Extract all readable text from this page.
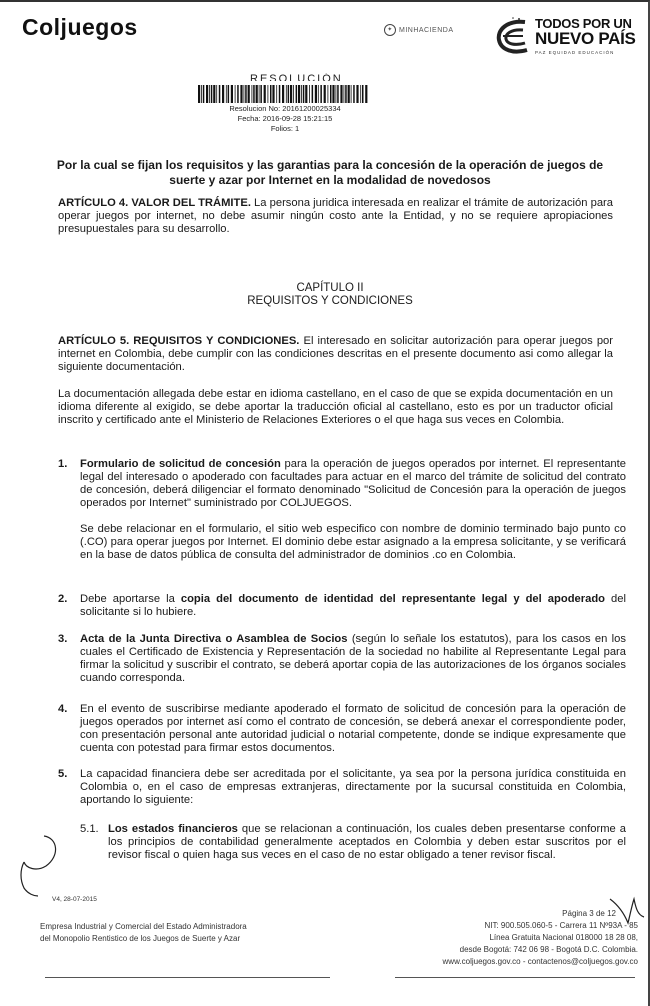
Coljuegos	✦ MINHACIENDA	TODOS POR UN
NUEVO PAÍS
PAZ EQUIDAD EDUCACIÓN
RESOLUCIÓN
Resolucion No: 20161200025334
Fecha: 2016-09-28 15:21:15
Folios: 1
Por la cual se fijan los requisitos y las garantias para la concesión de la operación de juegos de suerte y azar por Internet en la modalidad de novedosos
ARTÍCULO 4. VALOR DEL TRÁMITE. La persona juridica interesada en realizar el trámite de autorización para operar juegos por internet, no debe asumir ningún costo ante la Entidad, y no se requiere apropiaciones presupuestales para su desarrollo.
CAPÍTULO II
REQUISITOS Y CONDICIONES
ARTÍCULO 5. REQUISITOS Y CONDICIONES. El interesado en solicitar autorización para operar juegos por internet en Colombia, debe cumplir con las condiciones descritas en el presente documento asi como allegar la siguiente documentación.
La documentación allegada debe estar en idioma castellano, en el caso de que se expida documentación en un idioma diferente al exigido, se debe aportar la traducción oficial al castellano, esto es por un traductor oficial inscrito y certificado ante el Ministerio de Relaciones Exteriores o el que haga sus veces en Colombia.
1.	Formulario de solicitud de concesión para la operación de juegos operados por internet. El representante legal del interesado o apoderado con facultades para actuar en el marco del trámite de solicitud del contrato de concesión, deberá diligenciar el formato denominado "Solicitud de Concesión para la operación de juegos operados por Internet" suministrado por COLJUEGOS.
Se debe relacionar en el formulario, el sitio web especifico con nombre de dominio terminado bajo punto co (.CO) para operar juegos por Internet. El dominio debe estar asignado a la empresa solicitante, y se verificará en la base de datos pública de consulta del administrador de dominios .co en Colombia.
2.	Debe aportarse la copia del documento de identidad del representante legal y del apoderado del solicitante si lo hubiere.
3.	Acta de la Junta Directiva o Asamblea de Socios (según lo señale los estatutos), para los casos en los cuales el Certificado de Existencia y Representación de la sociedad no habilite al Representante Legal para firmar la solicitud y suscribir el contrato, se deberá aportar copia de las autorizaciones de los órganos sociales cuando corresponda.
4.	En el evento de suscribirse mediante apoderado el formato de solicitud de concesión para la operación de juegos operados por internet así como el contrato de concesión, se deberá anexar el correspondiente poder, con presentación personal ante autoridad judicial o notarial competente, donde se indique expresamente que cuenta con potestad para firmar estos documentos.
5.	La capacidad financiera debe ser acreditada por el solicitante, ya sea por la persona jurídica constituida en Colombia o, en el caso de empresas extranjeras, directamente por la sucursal constituida en Colombia, aportando lo siguiente:
5.1. Los estados financieros que se relacionan a continuación, los cuales deben presentarse conforme a los principios de contabilidad generalmente aceptados en Colombia y deben estar suscritos por el revisor fiscal o quien haga sus veces en el caso de no estar obligado a tener revisor fiscal.
V4, 28-07-2015
Empresa Industrial y Comercial del Estado Administradora
del Monopolio Rentistico de los Juegos de Suerte y Azar
Página 3 de 12
NIT: 900.505.060-5 - Carrera 11 Nº93A - 85
Línea Gratuita Nacional 018000 18 28 08,
desde Bogotá: 742 06 98 - Bogotá D.C. Colombia.
www.coljuegos.gov.co - contactenos@coljuegos.gov.co
